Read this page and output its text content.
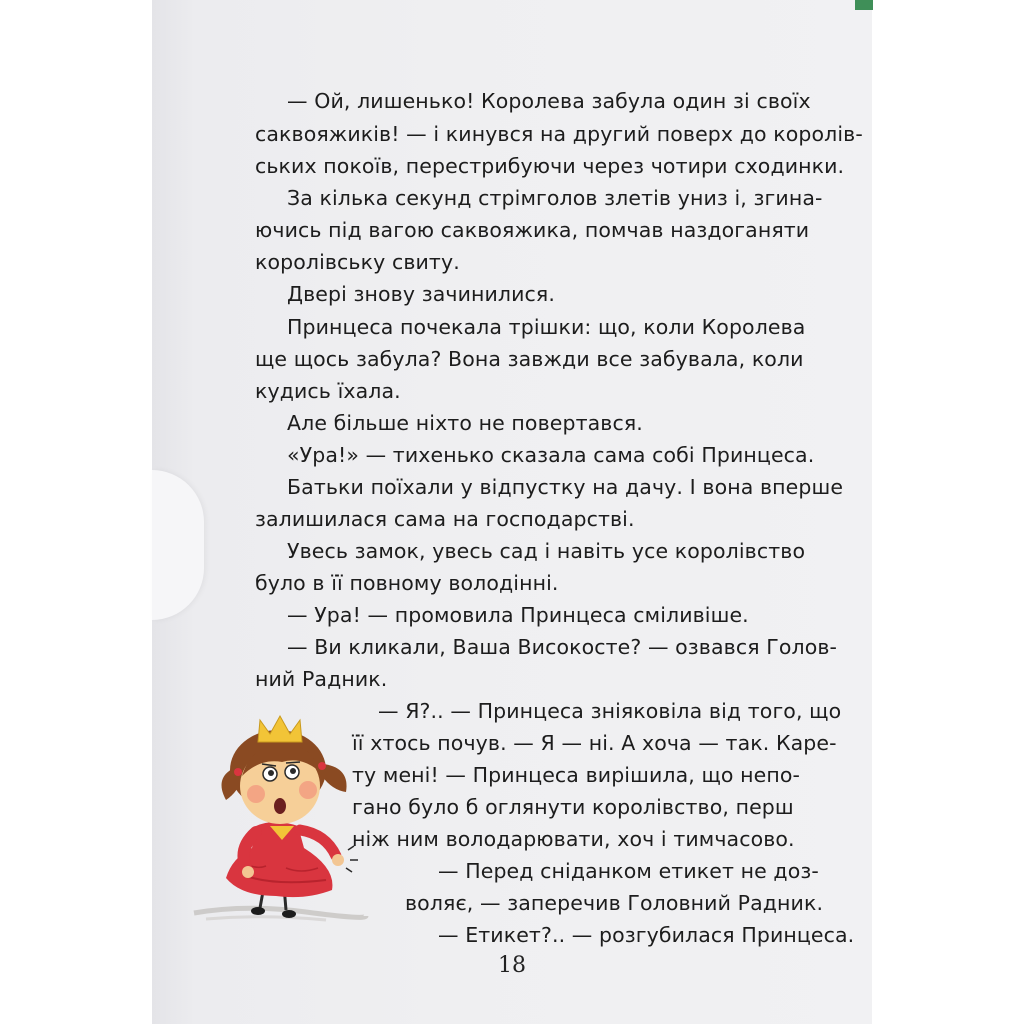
— Ой, лишенько! Королева забула один зі своїх
саквояжиків! — і кинувся на другий поверх до королів-
ських покоїв, перестрибуючи через чотири сходинки.
За кілька секунд стрімголов злетів униз і, згина-
ючись під вагою саквояжика, помчав наздоганяти
королівську свиту.
Двері знову зачинилися.
Принцеса почекала трішки: що, коли Королева
ще щось забула? Вона завжди все забувала, коли
кудись їхала.
Але більше ніхто не повертався.
«Ура!» — тихенько сказала сама собі Принцеса.
Батьки поїхали у відпустку на дачу. І вона вперше
залишилася сама на господарстві.
Увесь замок, увесь сад і навіть усе королівство
було в її повному володінні.
— Ура! — промовила Принцеса сміливіше.
— Ви кликали, Ваша Високосте? — озвався Голов-
ний Радник.
— Я?.. — Принцеса зніяковіла від того, що
її хтось почув. — Я — ні. А хоча — так. Карe-
ту мені! — Принцеса вирішила, що непо-
гано було б оглянути королівство, перш
ніж ним володарювати, хоч і тимчасово.
— Перед сніданком етикет не доз-
воляє, — заперечив Головний Радник.
— Етикет?.. — розгубилася Принцеса.
18
